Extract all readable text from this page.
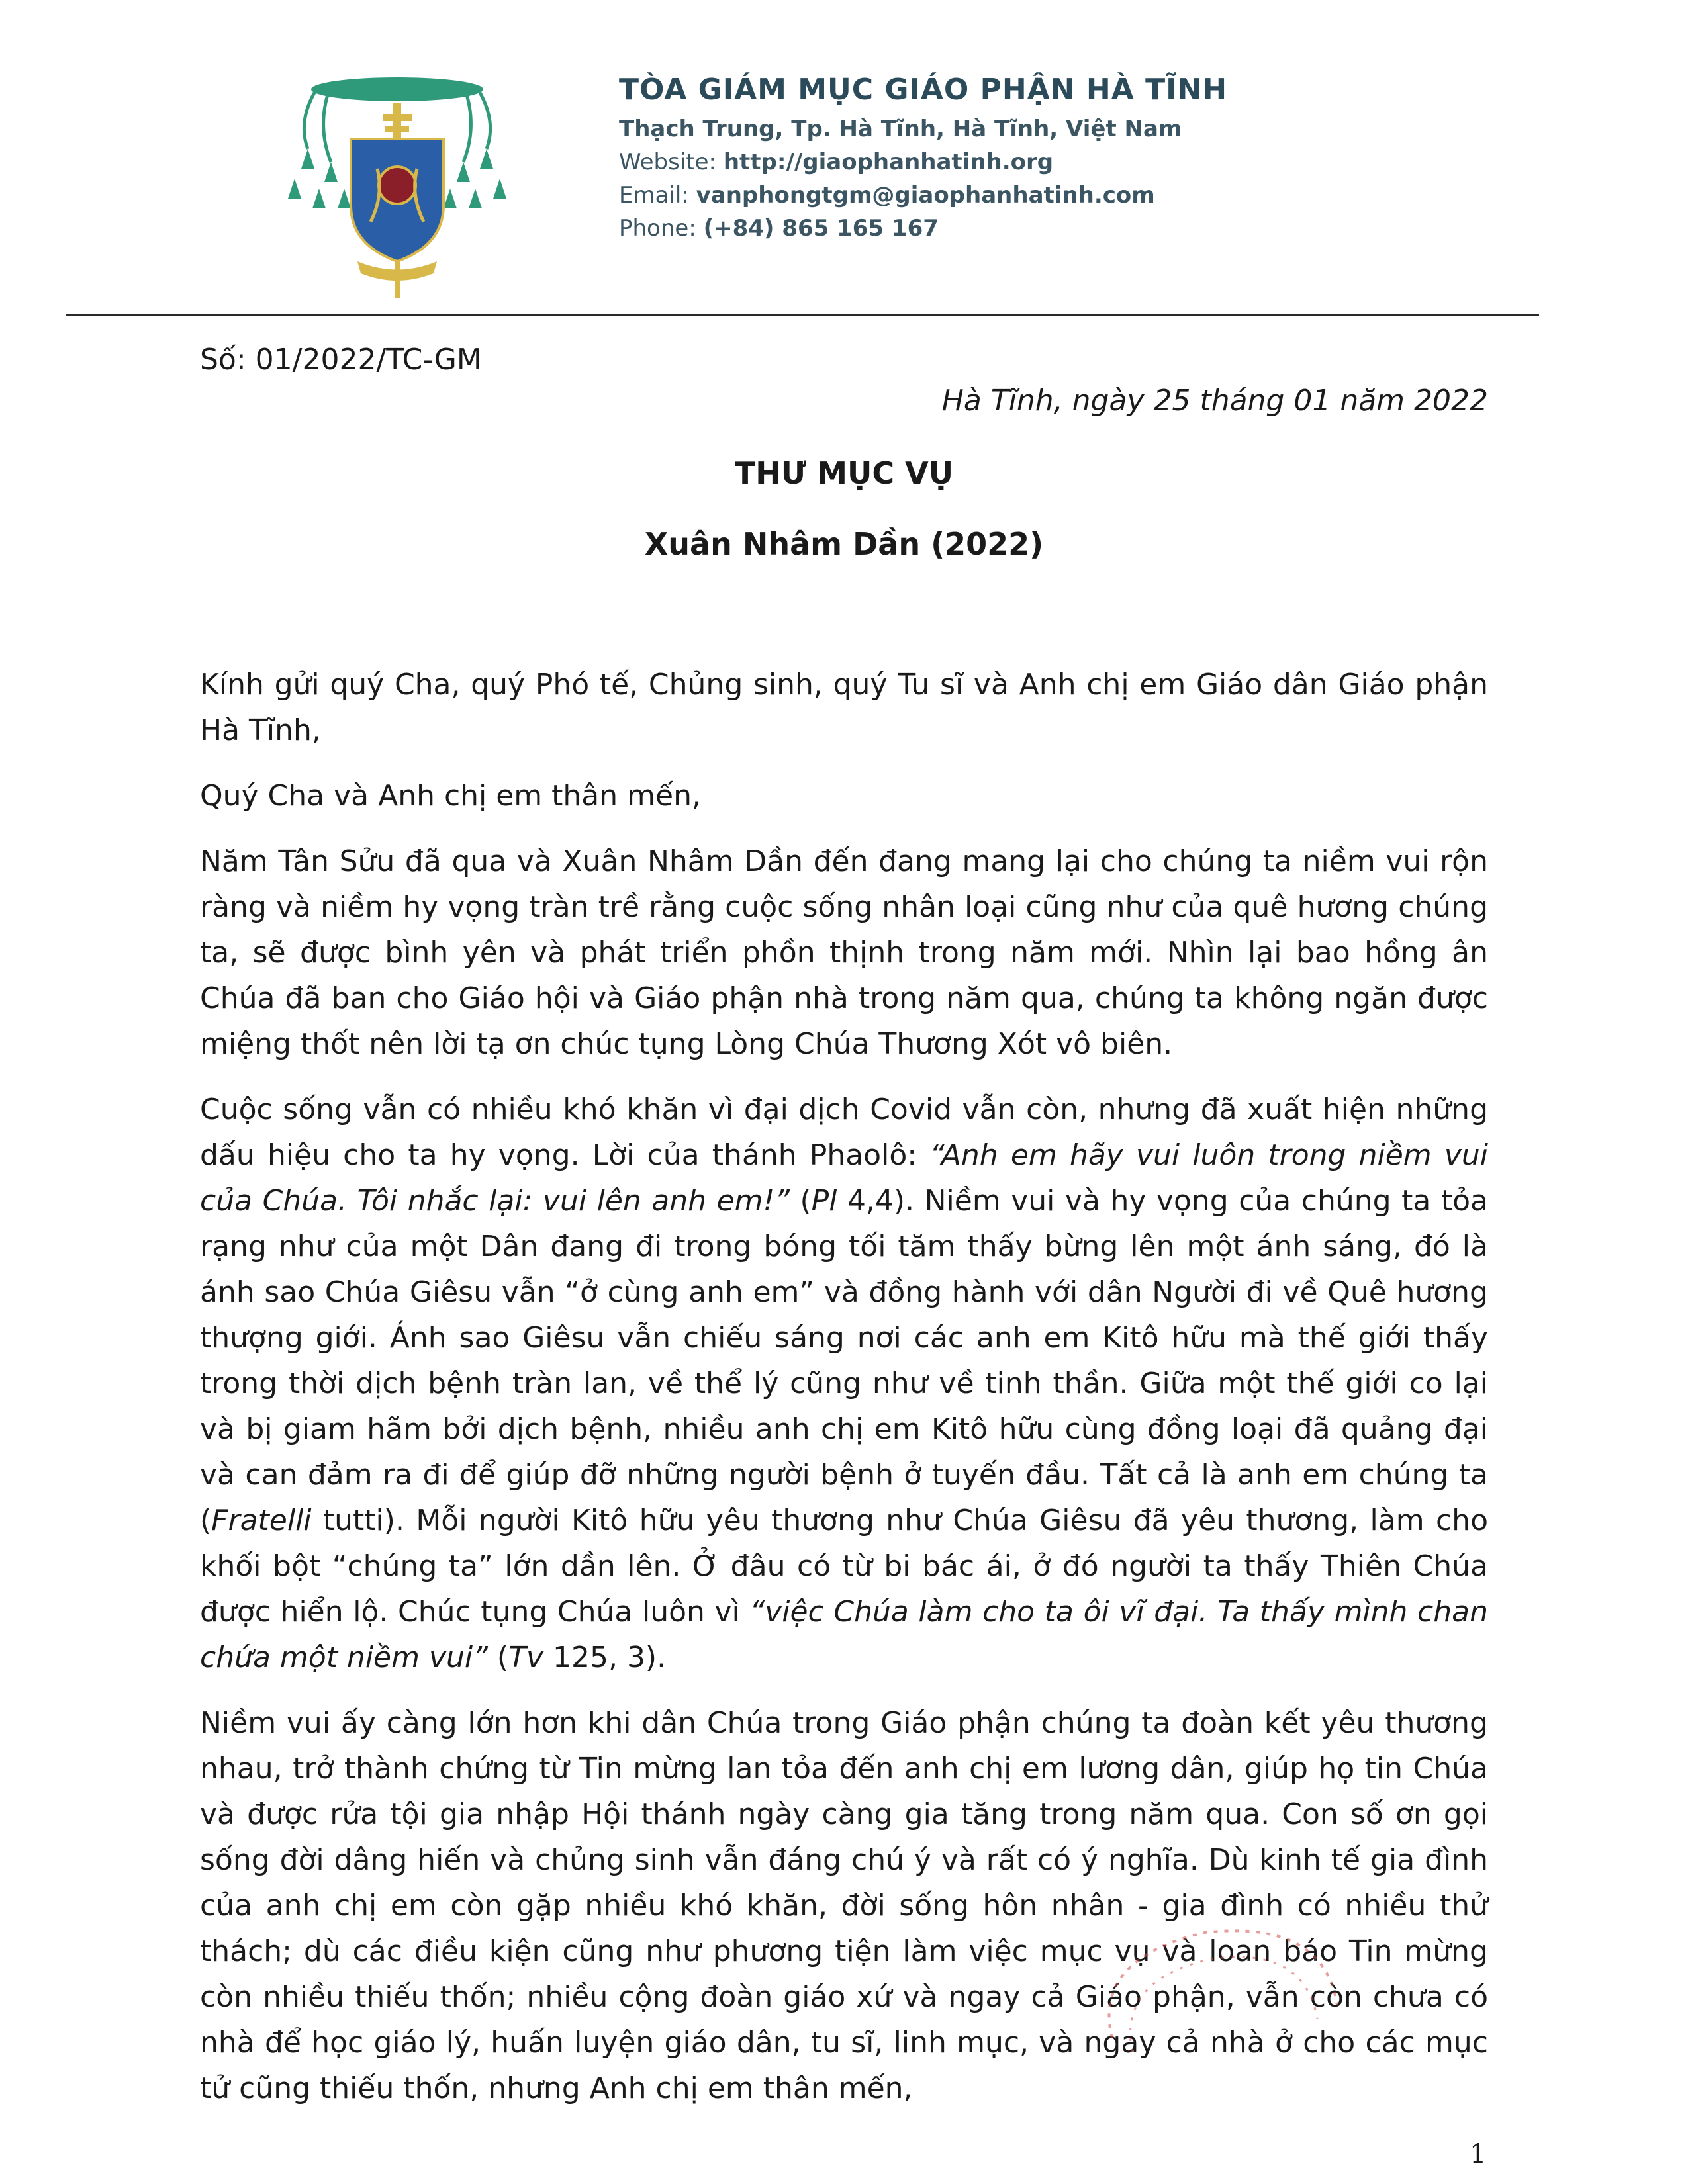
TÒA GIÁM MỤC GIÁO PHẬN HÀ TĨNH
Thạch Trung, Tp. Hà Tĩnh, Hà Tĩnh, Việt Nam
Website: http://giaophanhatinh.org
Email: vanphongtgm@giaophanhatinh.com
Phone: (+84) 865 165 167
Số: 01/2022/TC-GM
Hà Tĩnh, ngày 25 tháng 01 năm 2022
THƯ MỤC VỤ
Xuân Nhâm Dần (2022)

Kính gửi quý Cha, quý Phó tế, Chủng sinh, quý Tu sĩ và Anh chị em Giáo dân Giáo phận Hà Tĩnh,

Quý Cha và Anh chị em thân mến,

Năm Tân Sửu đã qua và Xuân Nhâm Dần đến đang mang lại cho chúng ta niềm vui rộn ràng và niềm hy vọng tràn trề rằng cuộc sống nhân loại cũng như của quê hương chúng ta, sẽ được bình yên và phát triển phồn thịnh trong năm mới. Nhìn lại bao hồng ân Chúa đã ban cho Giáo hội và Giáo phận nhà trong năm qua, chúng ta không ngăn được miệng thốt nên lời tạ ơn chúc tụng Lòng Chúa Thương Xót vô biên.

Cuộc sống vẫn có nhiều khó khăn vì đại dịch Covid vẫn còn, nhưng đã xuất hiện những dấu hiệu cho ta hy vọng. Lời của thánh Phaolô: “Anh em hãy vui luôn trong niềm vui của Chúa. Tôi nhắc lại: vui lên anh em!” (Pl 4,4). Niềm vui và hy vọng của chúng ta tỏa rạng như của một Dân đang đi trong bóng tối tăm thấy bừng lên một ánh sáng, đó là ánh sao Chúa Giêsu vẫn “ở cùng anh em” và đồng hành với dân Người đi về Quê hương thượng giới. Ánh sao Giêsu vẫn chiếu sáng nơi các anh em Kitô hữu mà thế giới thấy trong thời dịch bệnh tràn lan, về thể lý cũng như về tinh thần. Giữa một thế giới co lại và bị giam hãm bởi dịch bệnh, nhiều anh chị em Kitô hữu cùng đồng loại đã quảng đại và can đảm ra đi để giúp đỡ những người bệnh ở tuyến đầu. Tất cả là anh em chúng ta (Fratelli tutti). Mỗi người Kitô hữu yêu thương như Chúa Giêsu đã yêu thương, làm cho khối bột “chúng ta” lớn dần lên. Ở đâu có từ bi bác ái, ở đó người ta thấy Thiên Chúa được hiển lộ. Chúc tụng Chúa luôn vì “việc Chúa làm cho ta ôi vĩ đại. Ta thấy mình chan chứa một niềm vui” (Tv 125, 3).

Niềm vui ấy càng lớn hơn khi dân Chúa trong Giáo phận chúng ta đoàn kết yêu thương nhau, trở thành chứng từ Tin mừng lan tỏa đến anh chị em lương dân, giúp họ tin Chúa và được rửa tội gia nhập Hội thánh ngày càng gia tăng trong năm qua. Con số ơn gọi sống đời dâng hiến và chủng sinh vẫn đáng chú ý và rất có ý nghĩa. Dù kinh tế gia đình của anh chị em còn gặp nhiều khó khăn, đời sống hôn nhân - gia đình có nhiều thử thách; dù các điều kiện cũng như phương tiện làm việc mục vụ và loan báo Tin mừng còn nhiều thiếu thốn; nhiều cộng đoàn giáo xứ và ngay cả Giáo phận, vẫn còn chưa có nhà để học giáo lý, huấn luyện giáo dân, tu sĩ, linh mục, và ngay cả nhà ở cho các mục tử cũng thiếu thốn, nhưng Anh chị em thân mến,

1
